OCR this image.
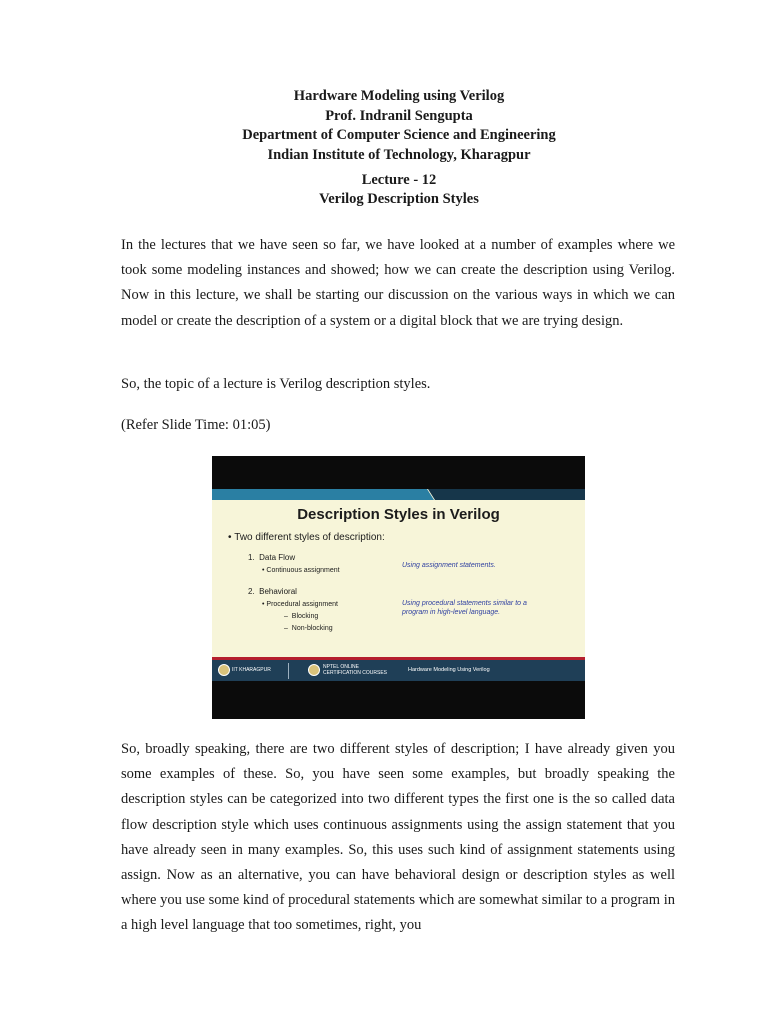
Hardware Modeling using Verilog
Prof. Indranil Sengupta
Department of Computer Science and Engineering
Indian Institute of Technology, Kharagpur
Lecture - 12
Verilog Description Styles

In the lectures that we have seen so far, we have looked at a number of examples where we took some modeling instances and showed; how we can create the description using Verilog. Now in this lecture, we shall be starting our discussion on the various ways in which we can model or create the description of a system or a digital block that we are trying design.

So, the topic of a lecture is Verilog description styles.

(Refer Slide Time: 01:05)

Description Styles in Verilog
• Two different styles of description:
1. Data Flow
• Continuous assignment
Using assignment statements.
2. Behavioral
• Procedural assignment
–  Blocking
–  Non-blocking
Using procedural statements similar to a program in high-level language.
IIT KHARAGPUR	NPTEL ONLINE
CERTIFICATION COURSES	Hardware Modeling Using Verilog

So, broadly speaking, there are two different styles of description; I have already given you some examples of these. So, you have seen some examples, but broadly speaking the description styles can be categorized into two different types the first one is the so called data flow description style which uses continuous assignments using the assign statement that you have already seen in many examples. So, this uses such kind of assignment statements using assign. Now as an alternative, you can have behavioral design or description styles as well where you use some kind of procedural statements which are somewhat similar to a program in a high level language that too sometimes, right, you
